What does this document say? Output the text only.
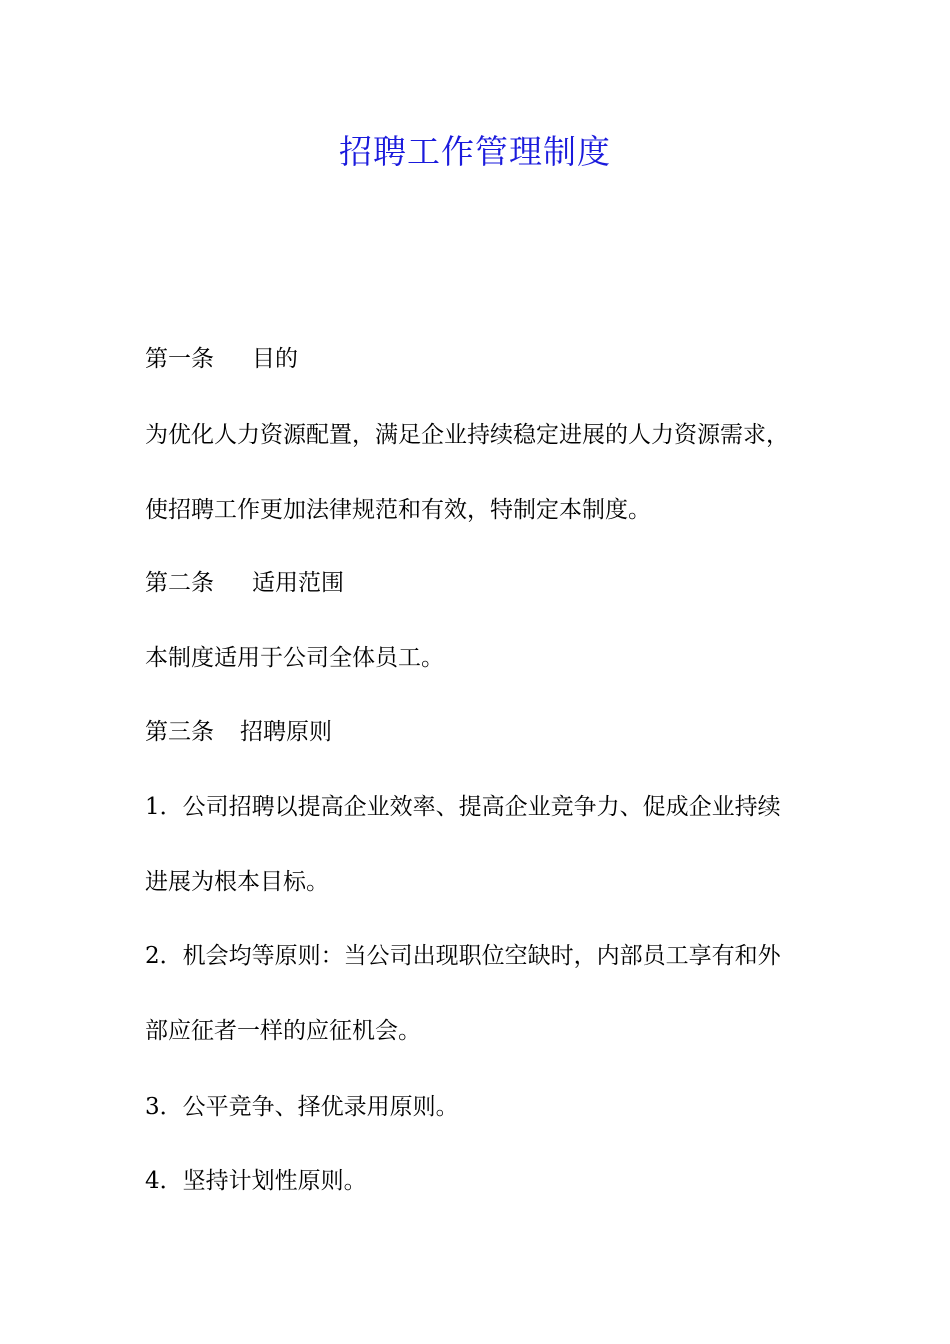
招聘工作管理制度

第一条 目的

为优化人力资源配置，满足企业持续稳定进展的人力资源需求，

使招聘工作更加法律规范和有效，特制定本制度。

第二条 适用范围

本制度适用于公司全体员工。

第三条 招聘原则

1．公司招聘以提高企业效率、提高企业竞争力、促成企业持续

进展为根本目标。

2．机会均等原则：当公司出现职位空缺时，内部员工享有和外

部应征者一样的应征机会。

3．公平竞争、择优录用原则。

4．坚持计划性原则。
